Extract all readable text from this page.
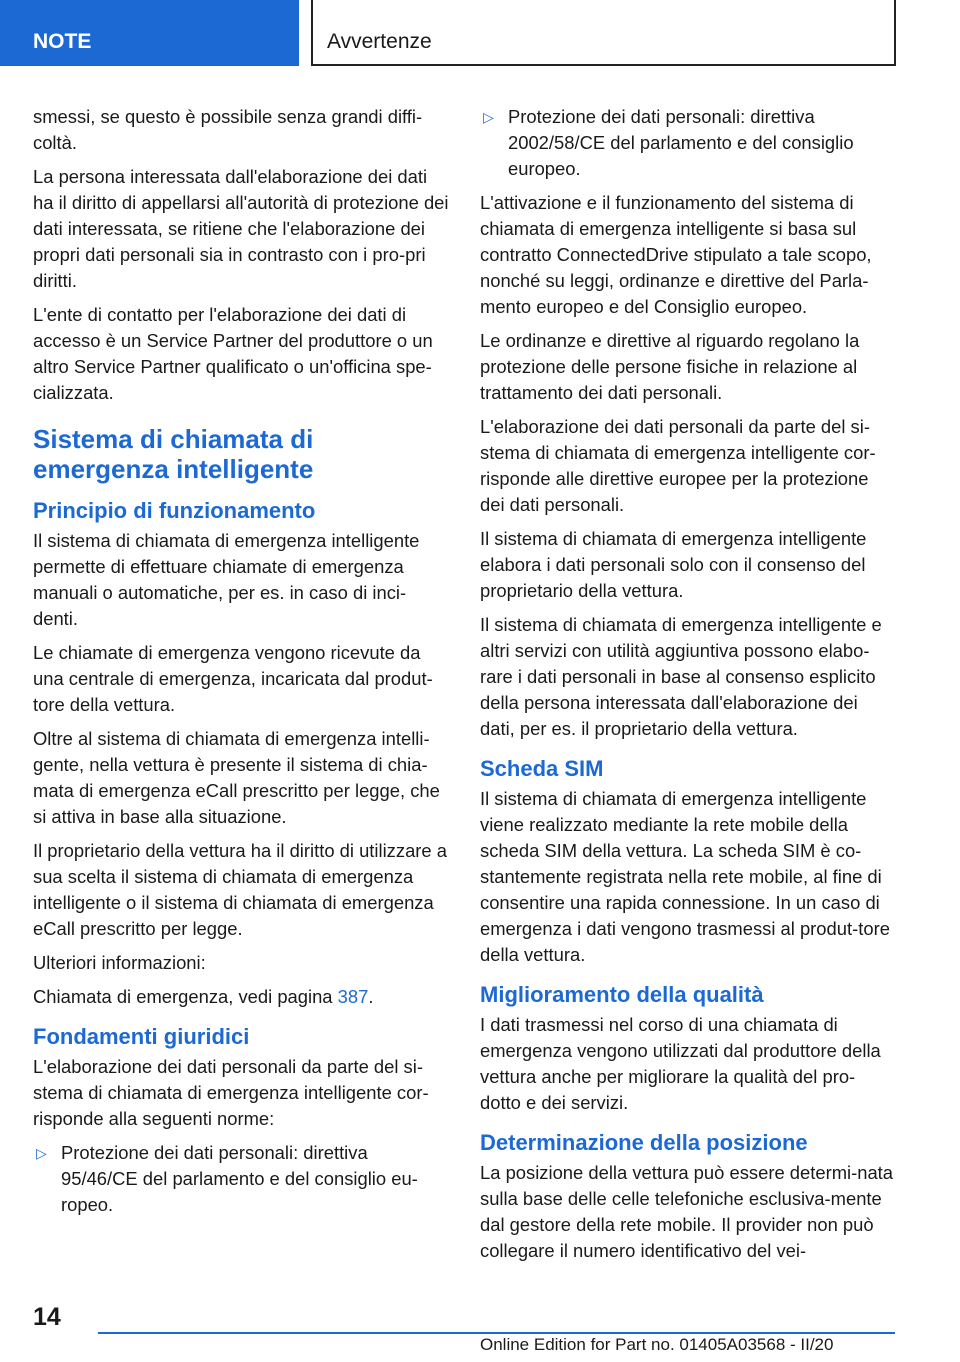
NOTE	Avvertenze

smessi, se questo è possibile senza grandi diffi-coltà.

La persona interessata dall'elaborazione dei dati ha il diritto di appellarsi all'autorità di protezione dei dati interessata, se ritiene che l'elaborazione dei propri dati personali sia in contrasto con i pro-pri diritti.

L'ente di contatto per l'elaborazione dei dati di accesso è un Service Partner del produttore o un altro Service Partner qualificato o un'officina spe-cializzata.

Sistema di chiamata di emergenza intelligente
Principio di funzionamento

Il sistema di chiamata di emergenza intelligente permette di effettuare chiamate di emergenza manuali o automatiche, per es. in caso di inci-denti.

Le chiamate di emergenza vengono ricevute da una centrale di emergenza, incaricata dal produt-tore della vettura.

Oltre al sistema di chiamata di emergenza intelli-gente, nella vettura è presente il sistema di chia-mata di emergenza eCall prescritto per legge, che si attiva in base alla situazione.

Il proprietario della vettura ha il diritto di utilizzare a sua scelta il sistema di chiamata di emergenza intelligente o il sistema di chiamata di emergenza eCall prescritto per legge.

Ulteriori informazioni:

Chiamata di emergenza, vedi pagina 387.

Fondamenti giuridici

L'elaborazione dei dati personali da parte del si-stema di chiamata di emergenza intelligente cor-risponde alla seguenti norme:

▷ Protezione dei dati personali: direttiva 95/46/CE del parlamento e del consiglio eu-ropeo.

▷ Protezione dei dati personali: direttiva 2002/58/CE del parlamento e del consiglio europeo.

L'attivazione e il funzionamento del sistema di chiamata di emergenza intelligente si basa sul contratto ConnectedDrive stipulato a tale scopo, nonché su leggi, ordinanze e direttive del Parla-mento europeo e del Consiglio europeo.

Le ordinanze e direttive al riguardo regolano la protezione delle persone fisiche in relazione al trattamento dei dati personali.

L'elaborazione dei dati personali da parte del si-stema di chiamata di emergenza intelligente cor-risponde alle direttive europee per la protezione dei dati personali.

Il sistema di chiamata di emergenza intelligente elabora i dati personali solo con il consenso del proprietario della vettura.

Il sistema di chiamata di emergenza intelligente e altri servizi con utilità aggiuntiva possono elabo-rare i dati personali in base al consenso esplicito della persona interessata dall'elaborazione dei dati, per es. il proprietario della vettura.

Scheda SIM

Il sistema di chiamata di emergenza intelligente viene realizzato mediante la rete mobile della scheda SIM della vettura. La scheda SIM è co-stantemente registrata nella rete mobile, al fine di consentire una rapida connessione. In un caso di emergenza i dati vengono trasmessi al produt-tore della vettura.

Miglioramento della qualità

I dati trasmessi nel corso di una chiamata di emergenza vengono utilizzati dal produttore della vettura anche per migliorare la qualità del pro-dotto e dei servizi.

Determinazione della posizione

La posizione della vettura può essere determi-nata sulla base delle celle telefoniche esclusiva-mente dal gestore della rete mobile. Il provider non può collegare il numero identificativo del vei-

14
Online Edition for Part no. 01405A03568 - II/20
